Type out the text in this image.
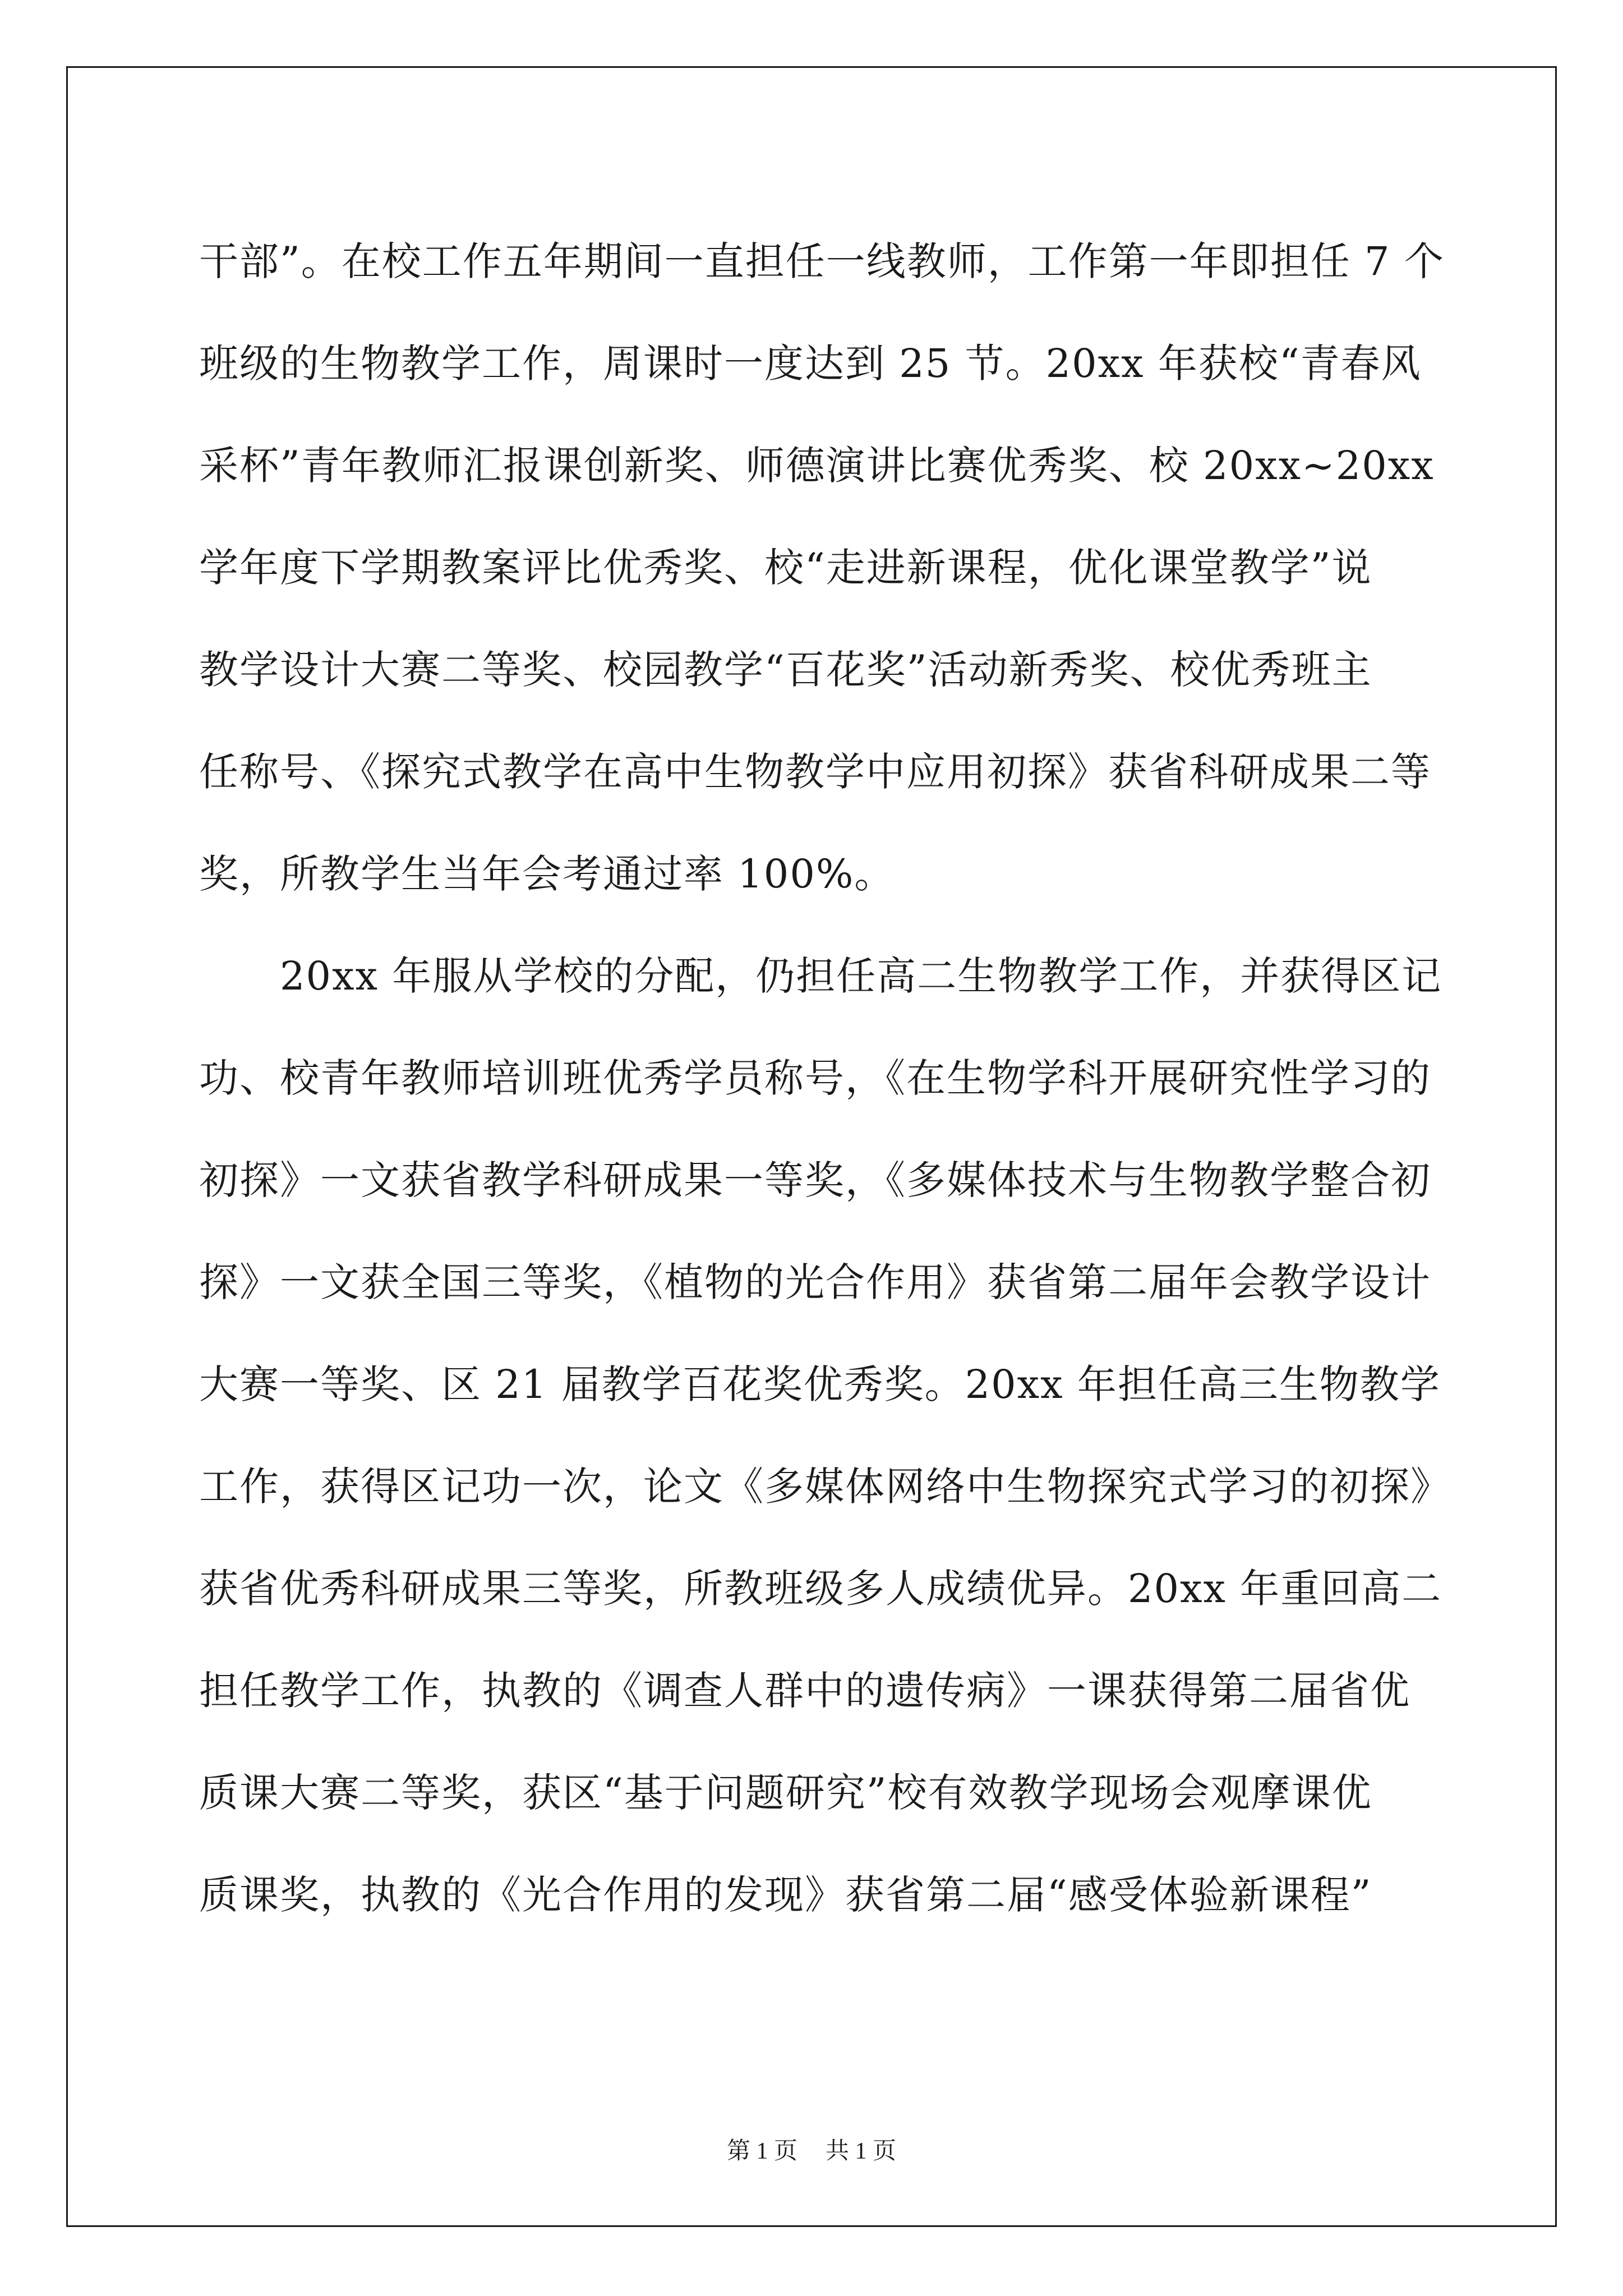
干部”。在校工作五年期间一直担任一线教师，工作第一年即担任 7 个
班级的生物教学工作，周课时一度达到 25 节。20xx 年获校“青春风
采杯”青年教师汇报课创新奖、师德演讲比赛优秀奖、校 20xx~20xx
学年度下学期教案评比优秀奖、校“走进新课程，优化课堂教学”说
教学设计大赛二等奖、校园教学“百花奖”活动新秀奖、校优秀班主
任称号、《探究式教学在高中生物教学中应用初探》获省科研成果二等
奖，所教学生当年会考通过率 100%。
　　20xx 年服从学校的分配，仍担任高二生物教学工作，并获得区记
功、校青年教师培训班优秀学员称号，《在生物学科开展研究性学习的
初探》一文获省教学科研成果一等奖，《多媒体技术与生物教学整合初
探》一文获全国三等奖，《植物的光合作用》获省第二届年会教学设计
大赛一等奖、区 21 届教学百花奖优秀奖。20xx 年担任高三生物教学
工作，获得区记功一次，论文《多媒体网络中生物探究式学习的初探》
获省优秀科研成果三等奖，所教班级多人成绩优异。20xx 年重回高二
担任教学工作，执教的《调查人群中的遗传病》一课获得第二届省优
质课大赛二等奖，获区“基于问题研究”校有效教学现场会观摩课优
质课奖，执教的《光合作用的发现》获省第二届“感受体验新课程”
第 1 页 共 1 页
